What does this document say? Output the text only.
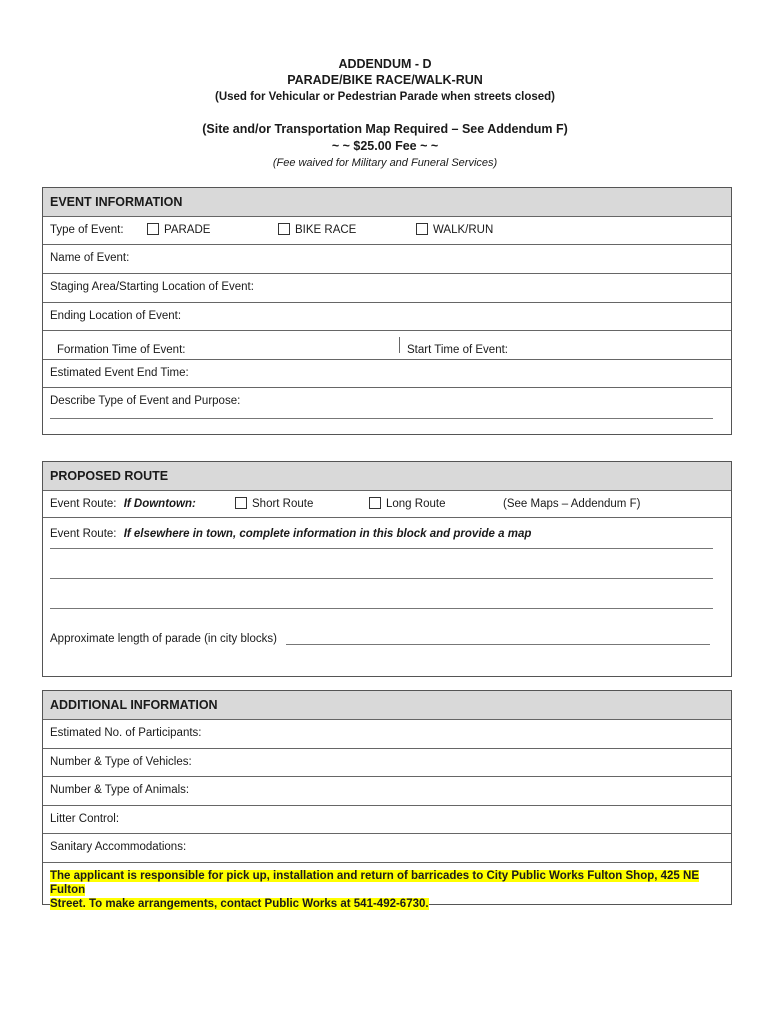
ADDENDUM - D
PARADE/BIKE RACE/WALK-RUN
(Used for Vehicular or Pedestrian Parade when streets closed)
(Site and/or Transportation Map Required – See Addendum F)
~ ~ $25.00 Fee ~ ~
(Fee waived for Military and Funeral Services)
EVENT INFORMATION
Type of Event:	PARADE	BIKE RACE	WALK/RUN
Name of Event:
Staging Area/Starting Location of Event:
Ending Location of Event:
Formation Time of Event:	Start Time of Event:
Estimated Event End Time:
Describe Type of Event and Purpose:
PROPOSED ROUTE
Event Route: If Downtown:	Short Route	Long Route	(See Maps – Addendum F)
Event Route: If elsewhere in town, complete information in this block and provide a map
Approximate length of parade (in city blocks)
ADDITIONAL INFORMATION
Estimated No. of Participants:
Number & Type of Vehicles:
Number & Type of Animals:
Litter Control:
Sanitary Accommodations:
The applicant is responsible for pick up, installation and return of barricades to City Public Works Fulton Shop, 425 NE Fulton
Street. To make arrangements, contact Public Works at 541-492-6730.
